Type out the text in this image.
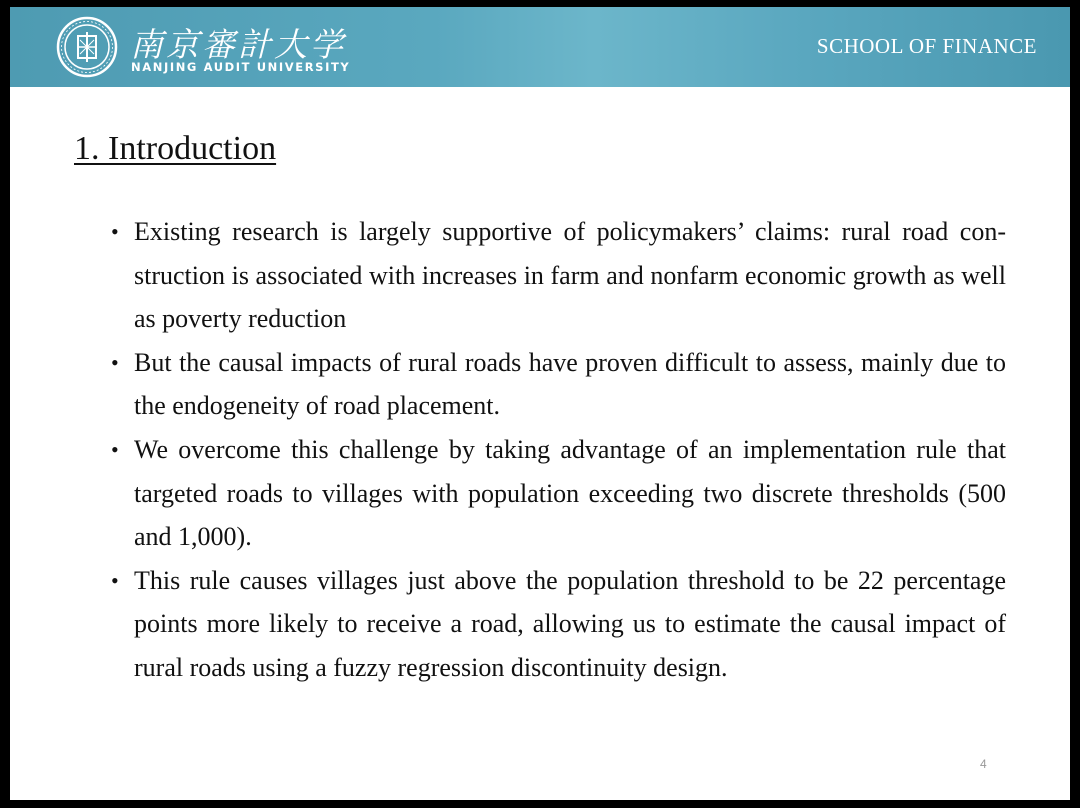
南京審計大学
NANJING AUDIT UNIVERSITY
SCHOOL OF FINANCE
1. Introduction
• Existing research is largely supportive of policymakers’ claims: rural road con-struction is associated with increases in farm and nonfarm economic growth as well as poverty reduction
• But the causal impacts of rural roads have proven difficult to assess, mainly due to the endogeneity of road placement.
• We overcome this challenge by taking advantage of an implementation rule that targeted roads to villages with population exceeding two discrete thresholds (500 and 1,000).
• This rule causes villages just above the population threshold to be 22 percentage points more likely to receive a road, allowing us to estimate the causal impact of rural roads using a fuzzy regression discontinuity design.
4
